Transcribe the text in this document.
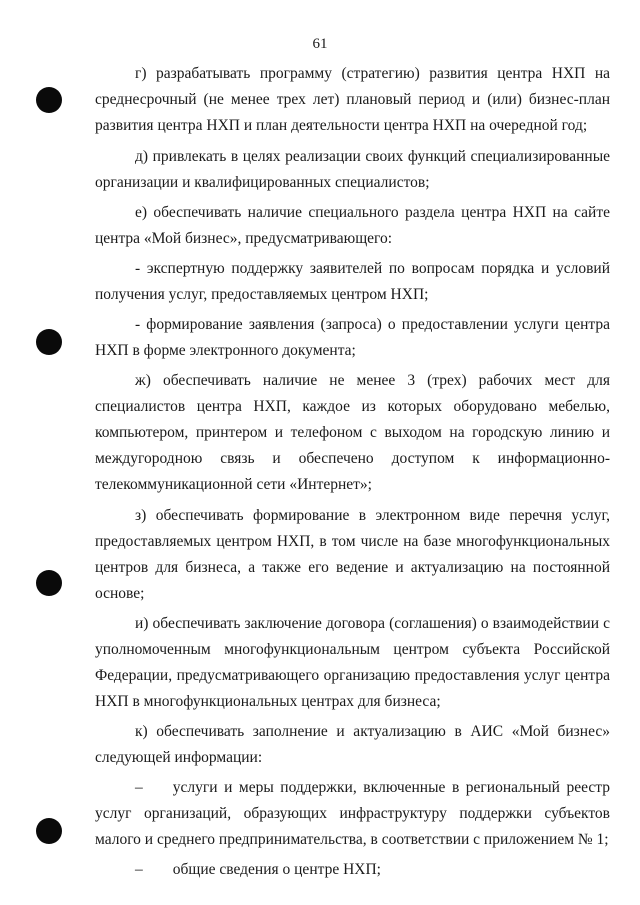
61

г) разрабатывать программу (стратегию) развития центра НХП на среднесрочный (не менее трех лет) плановый период и (или) бизнес-план развития центра НХП и план деятельности центра НХП на очередной год;

д) привлекать в целях реализации своих функций специализированные организации и квалифицированных специалистов;

е) обеспечивать наличие специального раздела центра НХП на сайте центра «Мой бизнес», предусматривающего:

- экспертную поддержку заявителей по вопросам порядка и условий получения услуг, предоставляемых центром НХП;

- формирование заявления (запроса) о предоставлении услуги центра НХП в форме электронного документа;

ж) обеспечивать наличие не менее 3 (трех) рабочих мест для специалистов центра НХП, каждое из которых оборудовано мебелью, компьютером, принтером и телефоном с выходом на городскую линию и междугородною связь и обеспечено доступом к информационно-телекоммуникационной сети «Интернет»;

з) обеспечивать формирование в электронном виде перечня услуг, предоставляемых центром НХП, в том числе на базе многофункциональных центров для бизнеса, а также его ведение и актуализацию на постоянной основе;

и) обеспечивать заключение договора (соглашения) о взаимодействии с уполномоченным многофункциональным центром субъекта Российской Федерации, предусматривающего организацию предоставления услуг центра НХП в многофункциональных центрах для бизнеса;

к) обеспечивать заполнение и актуализацию в АИС «Мой бизнес» следующей информации:

– услуги и меры поддержки, включенные в региональный реестр услуг организаций, образующих инфраструктуру поддержки субъектов малого и среднего предпринимательства, в соответствии с приложением № 1;

– общие сведения о центре НХП;
